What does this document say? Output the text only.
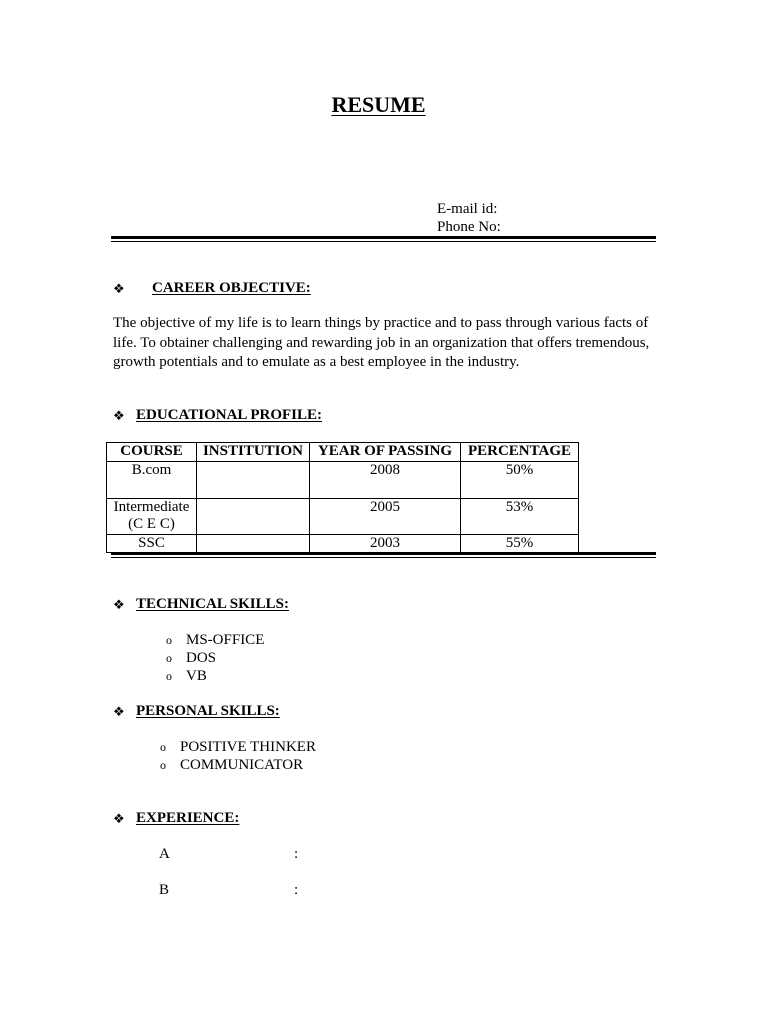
RESUME
E-mail id:
Phone No:
❖ CAREER OBJECTIVE:
The objective of my life is to learn things by practice and to pass through various facts of
life. To obtainer challenging and rewarding job in an organization that offers tremendous,
growth potentials and to emulate as a best employee in the industry.
❖ EDUCATIONAL PROFILE:
COURSE	INSTITUTION	YEAR OF PASSING	PERCENTAGE
B.com		2008	50%

Intermediate
(C E C)		2005	53%
SSC		2003	55%
❖ TECHNICAL SKILLS:
o MS-OFFICE
o DOS
o VB
❖ PERSONAL SKILLS:
o POSITIVE THINKER
o COMMUNICATOR
❖ EXPERIENCE:
A	:
B	:
